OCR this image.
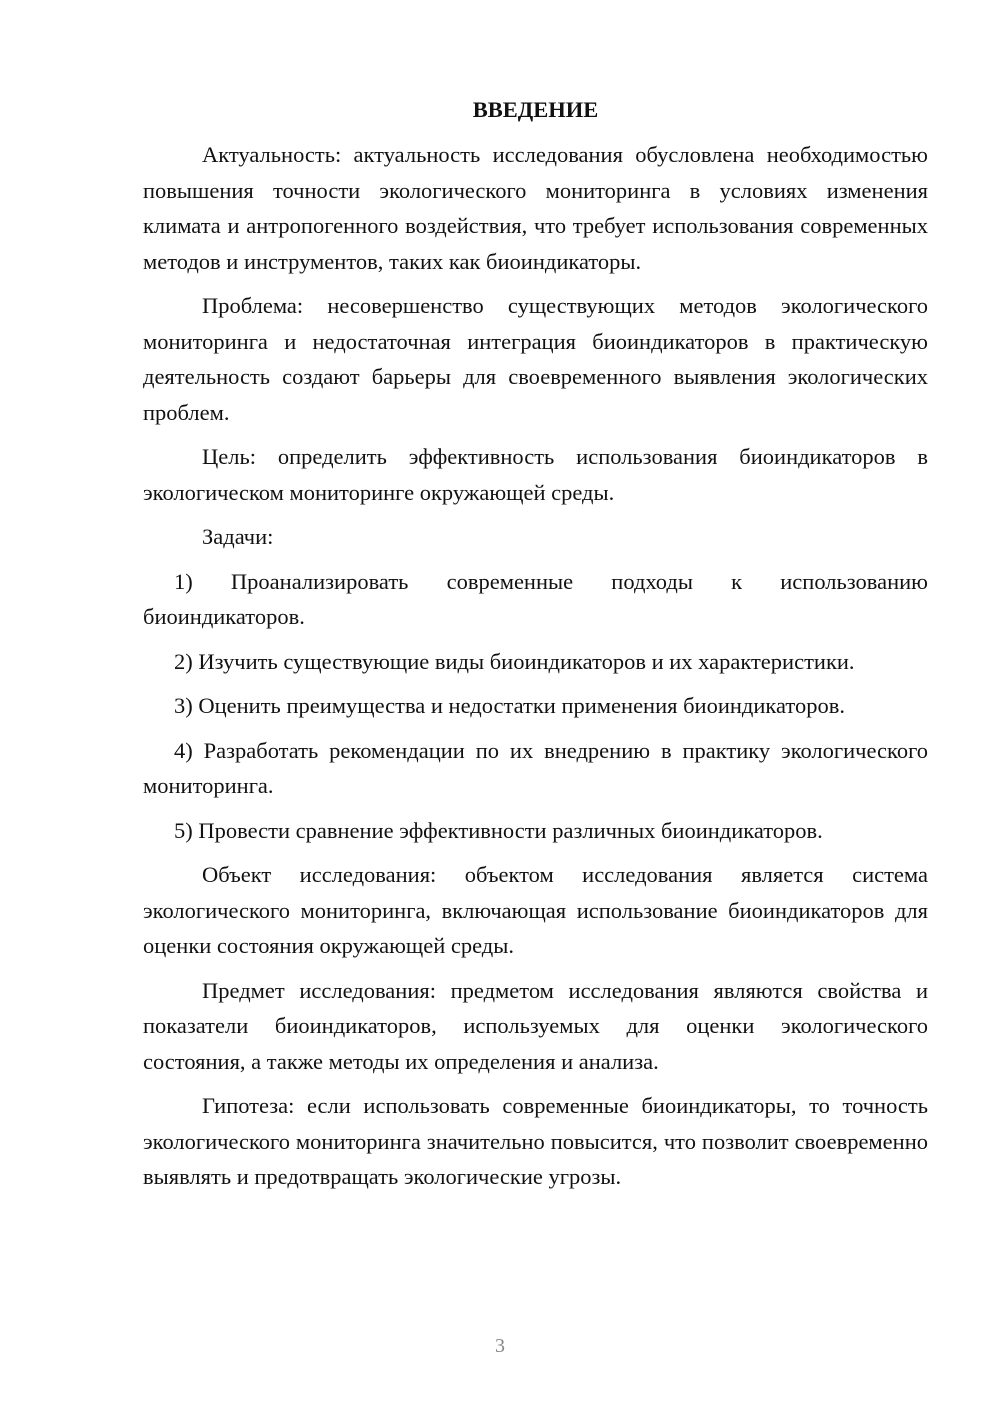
ВВЕДЕНИЕ

Актуальность: актуальность исследования обусловлена необходимостью повышения точности экологического мониторинга в условиях изменения климата и антропогенного воздействия, что требует использования современных методов и инструментов, таких как биоиндикаторы.

Проблема: несовершенство существующих методов экологического мониторинга и недостаточная интеграция биоиндикаторов в практическую деятельность создают барьеры для своевременного выявления экологических проблем.

Цель: определить эффективность использования биоиндикаторов в экологическом мониторинге окружающей среды.

Задачи:

1) Проанализировать современные подходы к использованию биоиндикаторов.

2) Изучить существующие виды биоиндикаторов и их характеристики.

3) Оценить преимущества и недостатки применения биоиндикаторов.

4) Разработать рекомендации по их внедрению в практику экологического мониторинга.

5) Провести сравнение эффективности различных биоиндикаторов.

Объект исследования: объектом исследования является система экологического мониторинга, включающая использование биоиндикаторов для оценки состояния окружающей среды.

Предмет исследования: предметом исследования являются свойства и показатели биоиндикаторов, используемых для оценки экологического состояния, а также методы их определения и анализа.

Гипотеза: если использовать современные биоиндикаторы, то точность экологического мониторинга значительно повысится, что позволит своевременно выявлять и предотвращать экологические угрозы.

3
